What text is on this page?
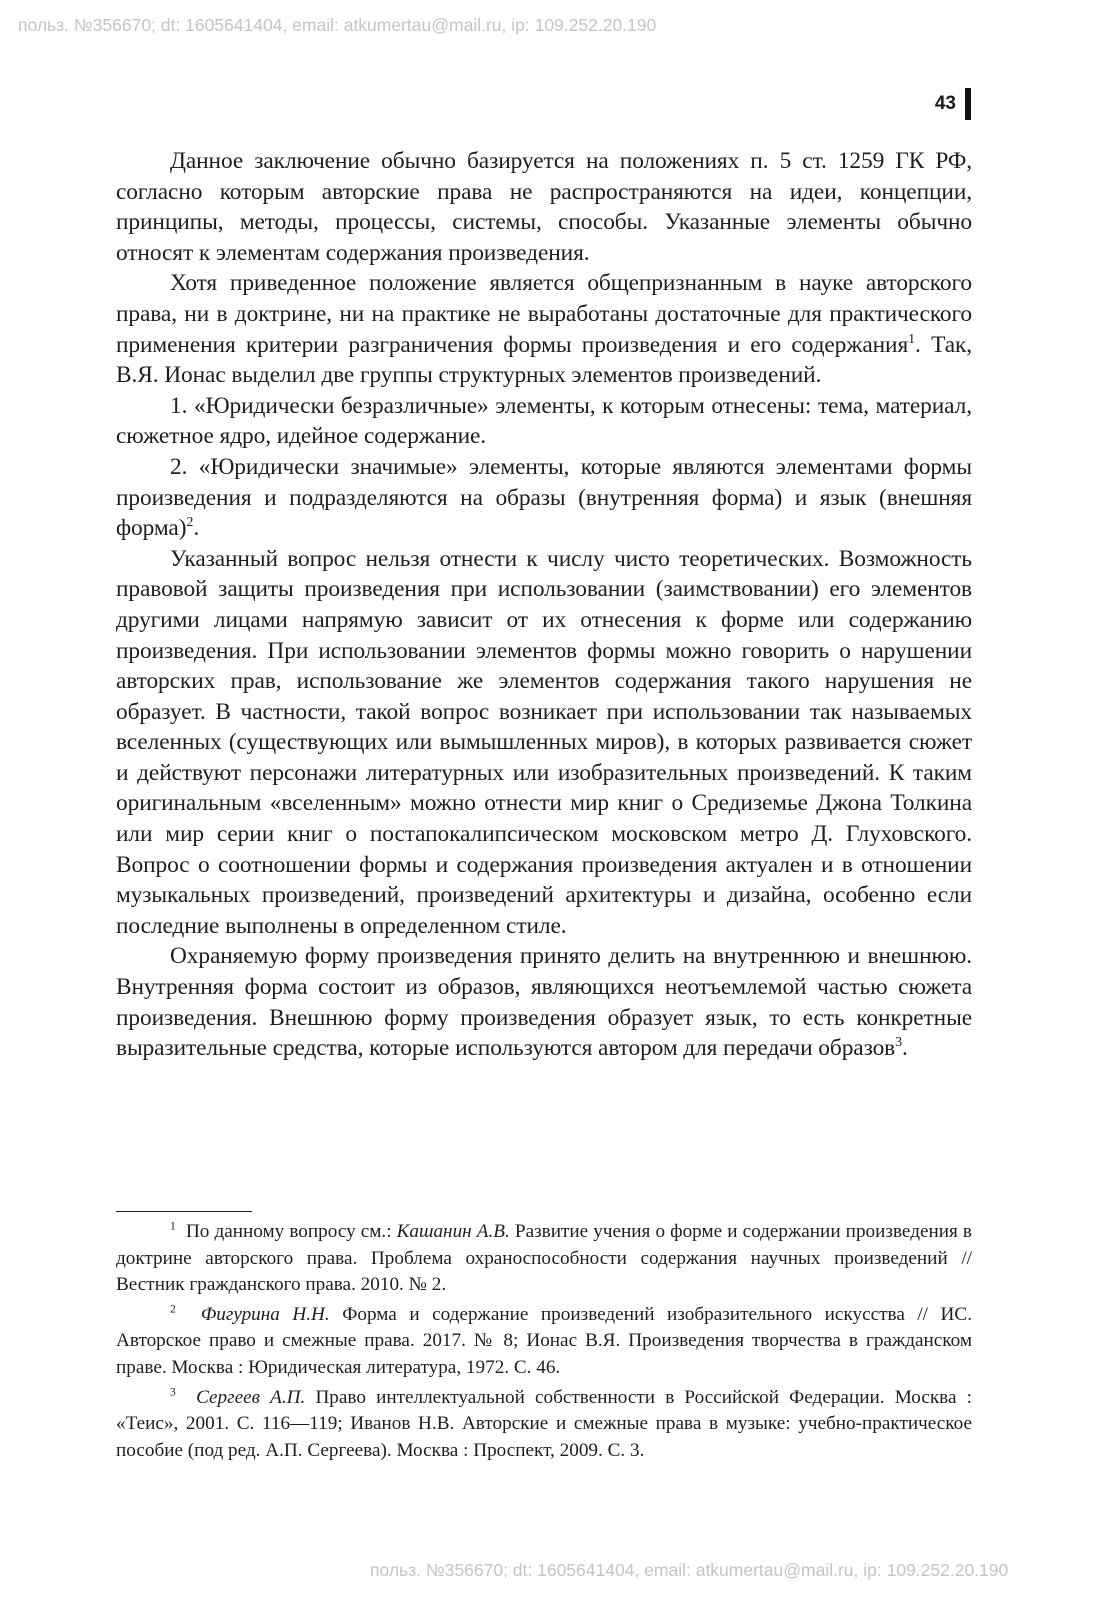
польз. №356670; dt: 1605641404, email: atkumertau@mail.ru, ip: 109.252.20.190
43

Данное заключение обычно базируется на положениях п. 5 ст. 1259 ГК РФ, согласно которым авторские права не распространяются на идеи, концепции, принципы, методы, процессы, системы, способы. Указанные элементы обычно относят к элементам содержания произведения.

Хотя приведенное положение является общепризнанным в науке авторского права, ни в доктрине, ни на практике не выработаны достаточные для практического применения критерии разграничения формы произведения и его содержания$^1$. Так, В.Я. Ионас выделил две группы структурных элементов произведений.

1. «Юридически безразличные» элементы, к которым отнесены: тема, материал, сюжетное ядро, идейное содержание.

2. «Юридически значимые» элементы, которые являются элементами формы произведения и подразделяются на образы (внутренняя форма) и язык (внешняя форма)$^2$.

Указанный вопрос нельзя отнести к числу чисто теоретических. Возможность правовой защиты произведения при использовании (заимствовании) его элементов другими лицами напрямую зависит от их отнесения к форме или содержанию произведения. При использовании элементов формы можно говорить о нарушении авторских прав, использование же элементов содержания такого нарушения не образует. В частности, такой вопрос возникает при использовании так называемых вселенных (существующих или вымышленных миров), в которых развивается сюжет и действуют персонажи литературных или изобразительных произведений. К таким оригинальным «вселенным» можно отнести мир книг о Средиземье Джона Толкина или мир серии книг о постапокалипсическом московском метро Д. Глуховского. Вопрос о соотношении формы и содержания произведения актуален и в отношении музыкальных произведений, произведений архитектуры и дизайна, особенно если последние выполнены в определенном стиле.

Охраняемую форму произведения принято делить на внутреннюю и внешнюю. Внутренняя форма состоит из образов, являющихся неотъемлемой частью сюжета произведения. Внешнюю форму произведения образует язык, то есть конкретные выразительные средства, которые используются автором для передачи образов$^3$.

$^1$ По данному вопросу см.: Кашанин А.В. Развитие учения о форме и содержании произведения в доктрине авторского права. Проблема охраноспособности содержания научных произведений // Вестник гражданского права. 2010. № 2.

$^2$ Фигурина Н.Н. Форма и содержание произведений изобразительного искусства // ИС. Авторское право и смежные права. 2017. № 8; Ионас В.Я. Произведения творчества в гражданском праве. Москва : Юридическая литература, 1972. С. 46.

$^3$ Сергеев А.П. Право интеллектуальной собственности в Российской Федерации. Москва : «Теис», 2001. С. 116—119; Иванов Н.В. Авторские и смежные права в музыке: учебно-практическое пособие (под ред. А.П. Сергеева). Москва : Проспект, 2009. С. 3.

польз. №356670; dt: 1605641404, email: atkumertau@mail.ru, ip: 109.252.20.190
